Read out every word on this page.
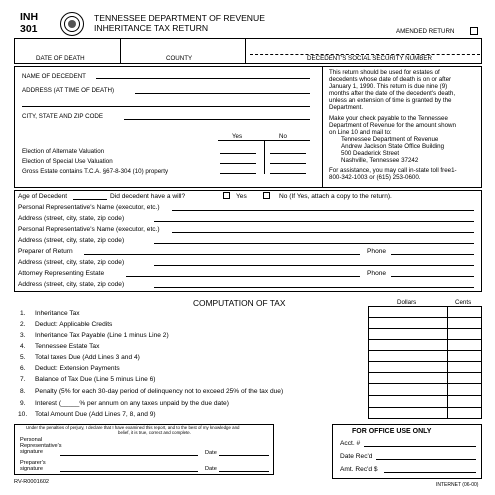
INH
301
TENNESSEE DEPARTMENT OF REVENUE
INHERITANCE TAX RETURN	AMENDED RETURN
DATE OF DEATH	COUNTY	DECEDENT'S SOCIAL SECURITY NUMBER
NAME OF DECEDENT
ADDRESS (AT TIME OF DEATH)
CITY, STATE AND ZIP CODE
Yes	No
Election of Alternate Valuation
Election of Special Use Valuation
Gross Estate contains T.C.A. §67-8-304 (10) property
This return should be used for estates of
decedents whose date of death is on or after
January 1, 1990. This return is due nine (9)
months after the date of the decedent's death,
unless an extension of time is granted by the
Department.
Make your check payable to the Tennessee
Department of Revenue for the amount shown
on Line 10 and mail to:
Tennessee Department of Revenue
Andrew Jackson State Office Building
500 Deaderick Street
Nashville, Tennessee 37242
For assistance, you may call in-state toll free1-
800-342-1003 or (615) 253-0600.
Age of Decedent	Did decedent have a will?	Yes	No (If Yes, attach a copy to the return).
Personal Representative's Name (executor, etc.)
Address (street, city, state, zip code)
Personal Representative's Name (executor, etc.)
Address (street, city, state, zip code)
Preparer of Return	Phone
Address (street, city, state, zip code)
Attorney Representing Estate	Phone
Address (street, city, state, zip code)
COMPUTATION OF TAX	Dollars	Cents
1. Inheritance Tax
2. Deduct: Applicable Credits
3. Inheritance Tax Payable (Line 1 minus Line 2)
4. Tennessee Estate Tax
5. Total taxes Due (Add Lines 3 and 4)
6. Deduct: Extension Payments
7. Balance of Tax Due (Line 5 minus Line 6)
8. Penalty (5% for each 30-day period of delinquency not to exceed 25% of the tax due)
9. Interest (_____% per annum on any taxes unpaid by the due date)
10. Total Amount Due (Add Lines 7, 8, and 9)
Under the penalties of perjury, I declare that I have examined this report, and to the best of my knowledge and
belief, it is true, correct and complete.
Personal
Representative's
signature	Date
Preparer's
signature	Date
FOR OFFICE USE ONLY
Acct. #
Date Rec'd
Amt. Rec'd $
RV-R0001602	INTERNET (06-00)
